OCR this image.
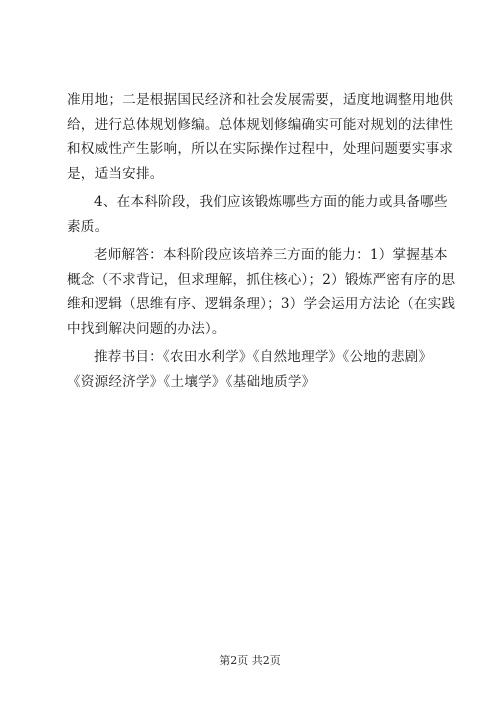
准用地；二是根据国民经济和社会发展需要，适度地调整用地供
给，进行总体规划修编。总体规划修编确实可能对规划的法律性
和权威性产生影响，所以在实际操作过程中，处理问题要实事求
是，适当安排。

4、在本科阶段，我们应该锻炼哪些方面的能力或具备哪些
素质。

老师解答：本科阶段应该培养三方面的能力：1）掌握基本
概念（不求背记，但求理解，抓住核心）；2）锻炼严密有序的思
维和逻辑（思维有序、逻辑条理）；3）学会运用方法论（在实践
中找到解决问题的办法）。

推荐书目：《农田水利学》《自然地理学》《公地的悲剧》
《资源经济学》《土壤学》《基础地质学》

第2页 共2页
